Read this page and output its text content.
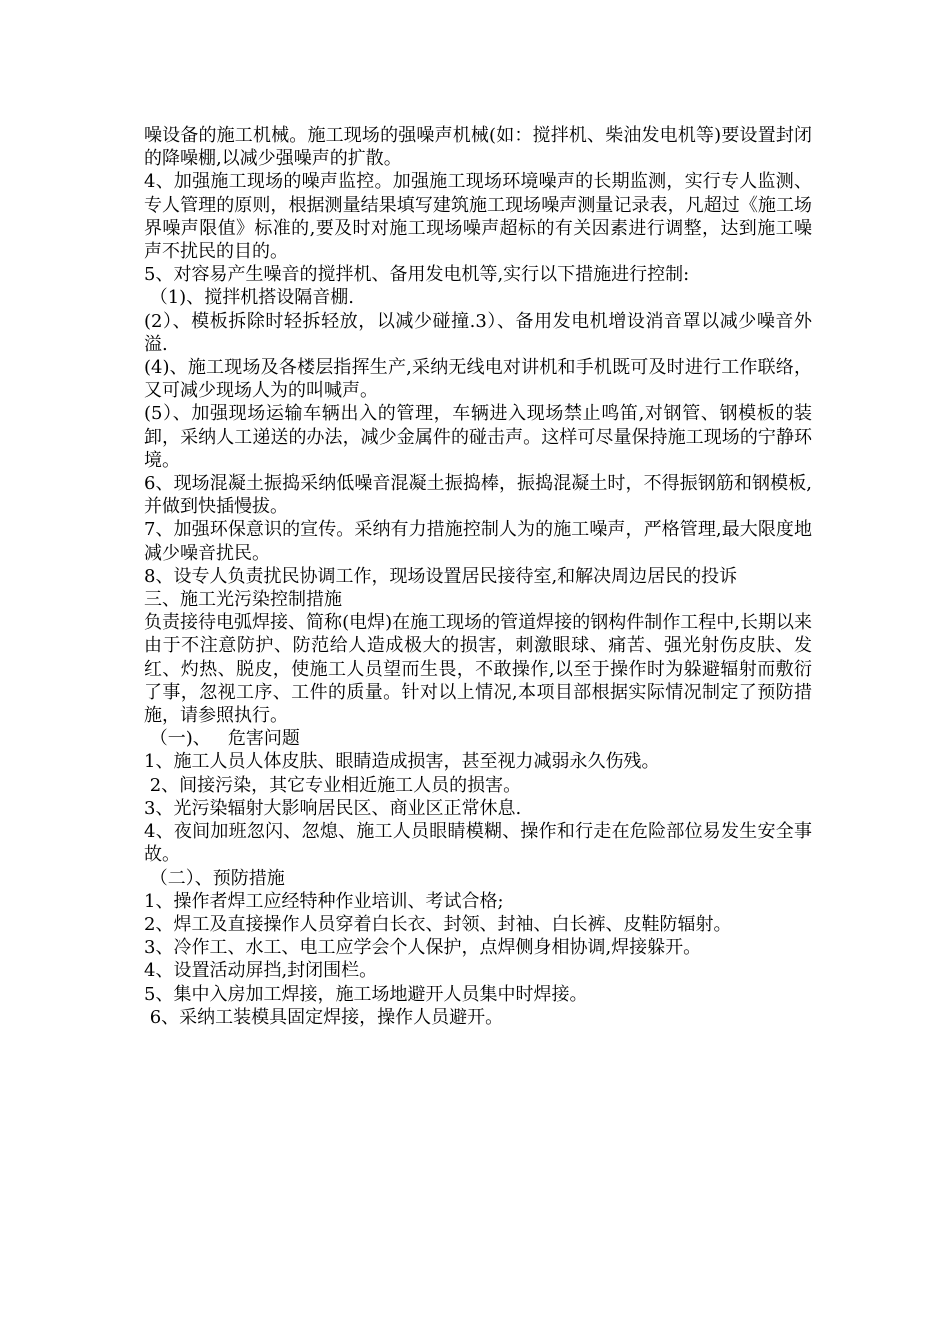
噪设备的施工机械。施工现场的强噪声机械(如：搅拌机、柴油发电机等)要设置封闭的降噪棚,以减少强噪声的扩散。

4、加强施工现场的噪声监控。加强施工现场环境噪声的长期监测，实行专人监测、专人管理的原则，根据测量结果填写建筑施工现场噪声测量记录表，凡超过《施工场界噪声限值》标准的,要及时对施工现场噪声超标的有关因素进行调整，达到施工噪声不扰民的目的。

5、对容易产生噪音的搅拌机、备用发电机等,实行以下措施进行控制:

（1)、搅拌机搭设隔音棚.

(2）、模板拆除时轻拆轻放，以减少碰撞.3）、备用发电机增设消音罩以减少噪音外溢.

(4)、施工现场及各楼层指挥生产,采纳无线电对讲机和手机既可及时进行工作联络，又可减少现场人为的叫喊声。

(5）、加强现场运输车辆出入的管理，车辆进入现场禁止鸣笛,对钢管、钢模板的装卸，采纳人工递送的办法，减少金属件的碰击声。这样可尽量保持施工现场的宁静环境。

6、现场混凝土振捣采纳低噪音混凝土振捣棒，振捣混凝土时，不得振钢筋和钢模板,并做到快插慢拔。

7、加强环保意识的宣传。采纳有力措施控制人为的施工噪声，严格管理,最大限度地减少噪音扰民。

8、设专人负责扰民协调工作，现场设置居民接待室,和解决周边居民的投诉

三、施工光污染控制措施

负责接待电弧焊接、简称(电焊)在施工现场的管道焊接的钢构件制作工程中,长期以来由于不注意防护、防范给人造成极大的损害，刺激眼球、痛苦、强光射伤皮肤、发红、灼热、脱皮，使施工人员望而生畏，不敢操作,以至于操作时为躲避辐射而敷衍了事，忽视工序、工件的质量。针对以上情况,本项目部根据实际情况制定了预防措施，请参照执行。

（一)、   危害问题

1、施工人员人体皮肤、眼睛造成损害，甚至视力减弱永久伤残。

2、间接污染，其它专业相近施工人员的损害。

3、光污染辐射大影响居民区、商业区正常休息.

4、夜间加班忽闪、忽熄、施工人员眼睛模糊、操作和行走在危险部位易发生安全事故。

（二）、预防措施

1、操作者焊工应经特种作业培训、考试合格;

2、焊工及直接操作人员穿着白长衣、封领、封袖、白长裤、皮鞋防辐射。

3、冷作工、水工、电工应学会个人保护，点焊侧身相协调,焊接躲开。

4、设置活动屏挡,封闭围栏。

5、集中入房加工焊接，施工场地避开人员集中时焊接。

6、采纳工装模具固定焊接，操作人员避开。
